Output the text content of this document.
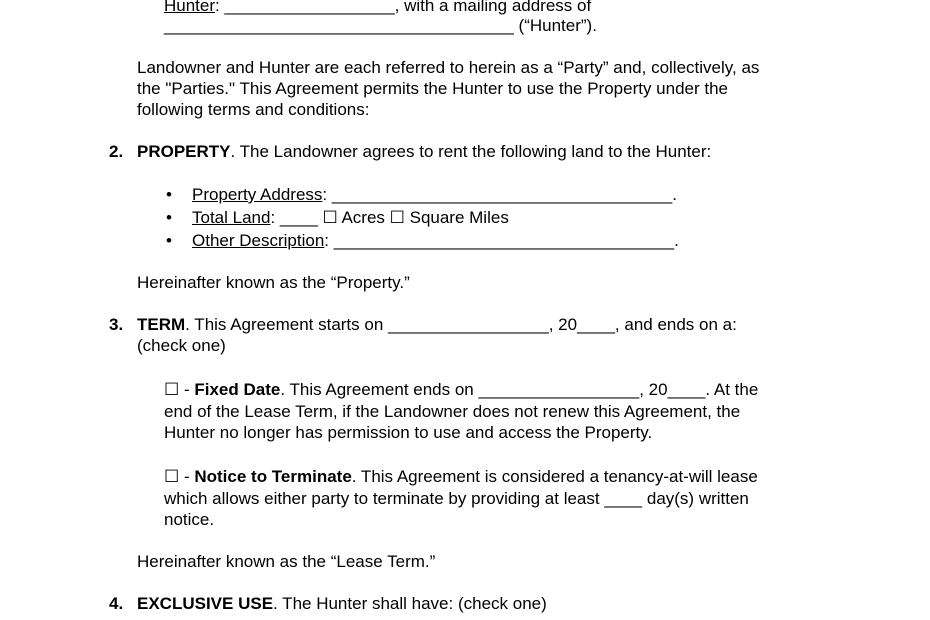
Hunter: __________________, with a mailing address of
_____________________________________ (“Hunter”).
Landowner and Hunter are each referred to herein as a “Party” and, collectively, as
the "Parties." This Agreement permits the Hunter to use the Property under the
following terms and conditions:
2. PROPERTY. The Landowner agrees to rent the following land to the Hunter:
• Property Address: ____________________________________.
• Total Land: ____ ☐ Acres ☐ Square Miles
• Other Description: ____________________________________.
Hereinafter known as the “Property.”
3. TERM. This Agreement starts on _________________, 20____, and ends on a:
(check one)
☐ - Fixed Date. This Agreement ends on _________________, 20____. At the
end of the Lease Term, if the Landowner does not renew this Agreement, the
Hunter no longer has permission to use and access the Property.
☐ - Notice to Terminate. This Agreement is considered a tenancy-at-will lease
which allows either party to terminate by providing at least ____ day(s) written
notice.
Hereinafter known as the “Lease Term.”
4. EXCLUSIVE USE. The Hunter shall have: (check one)
